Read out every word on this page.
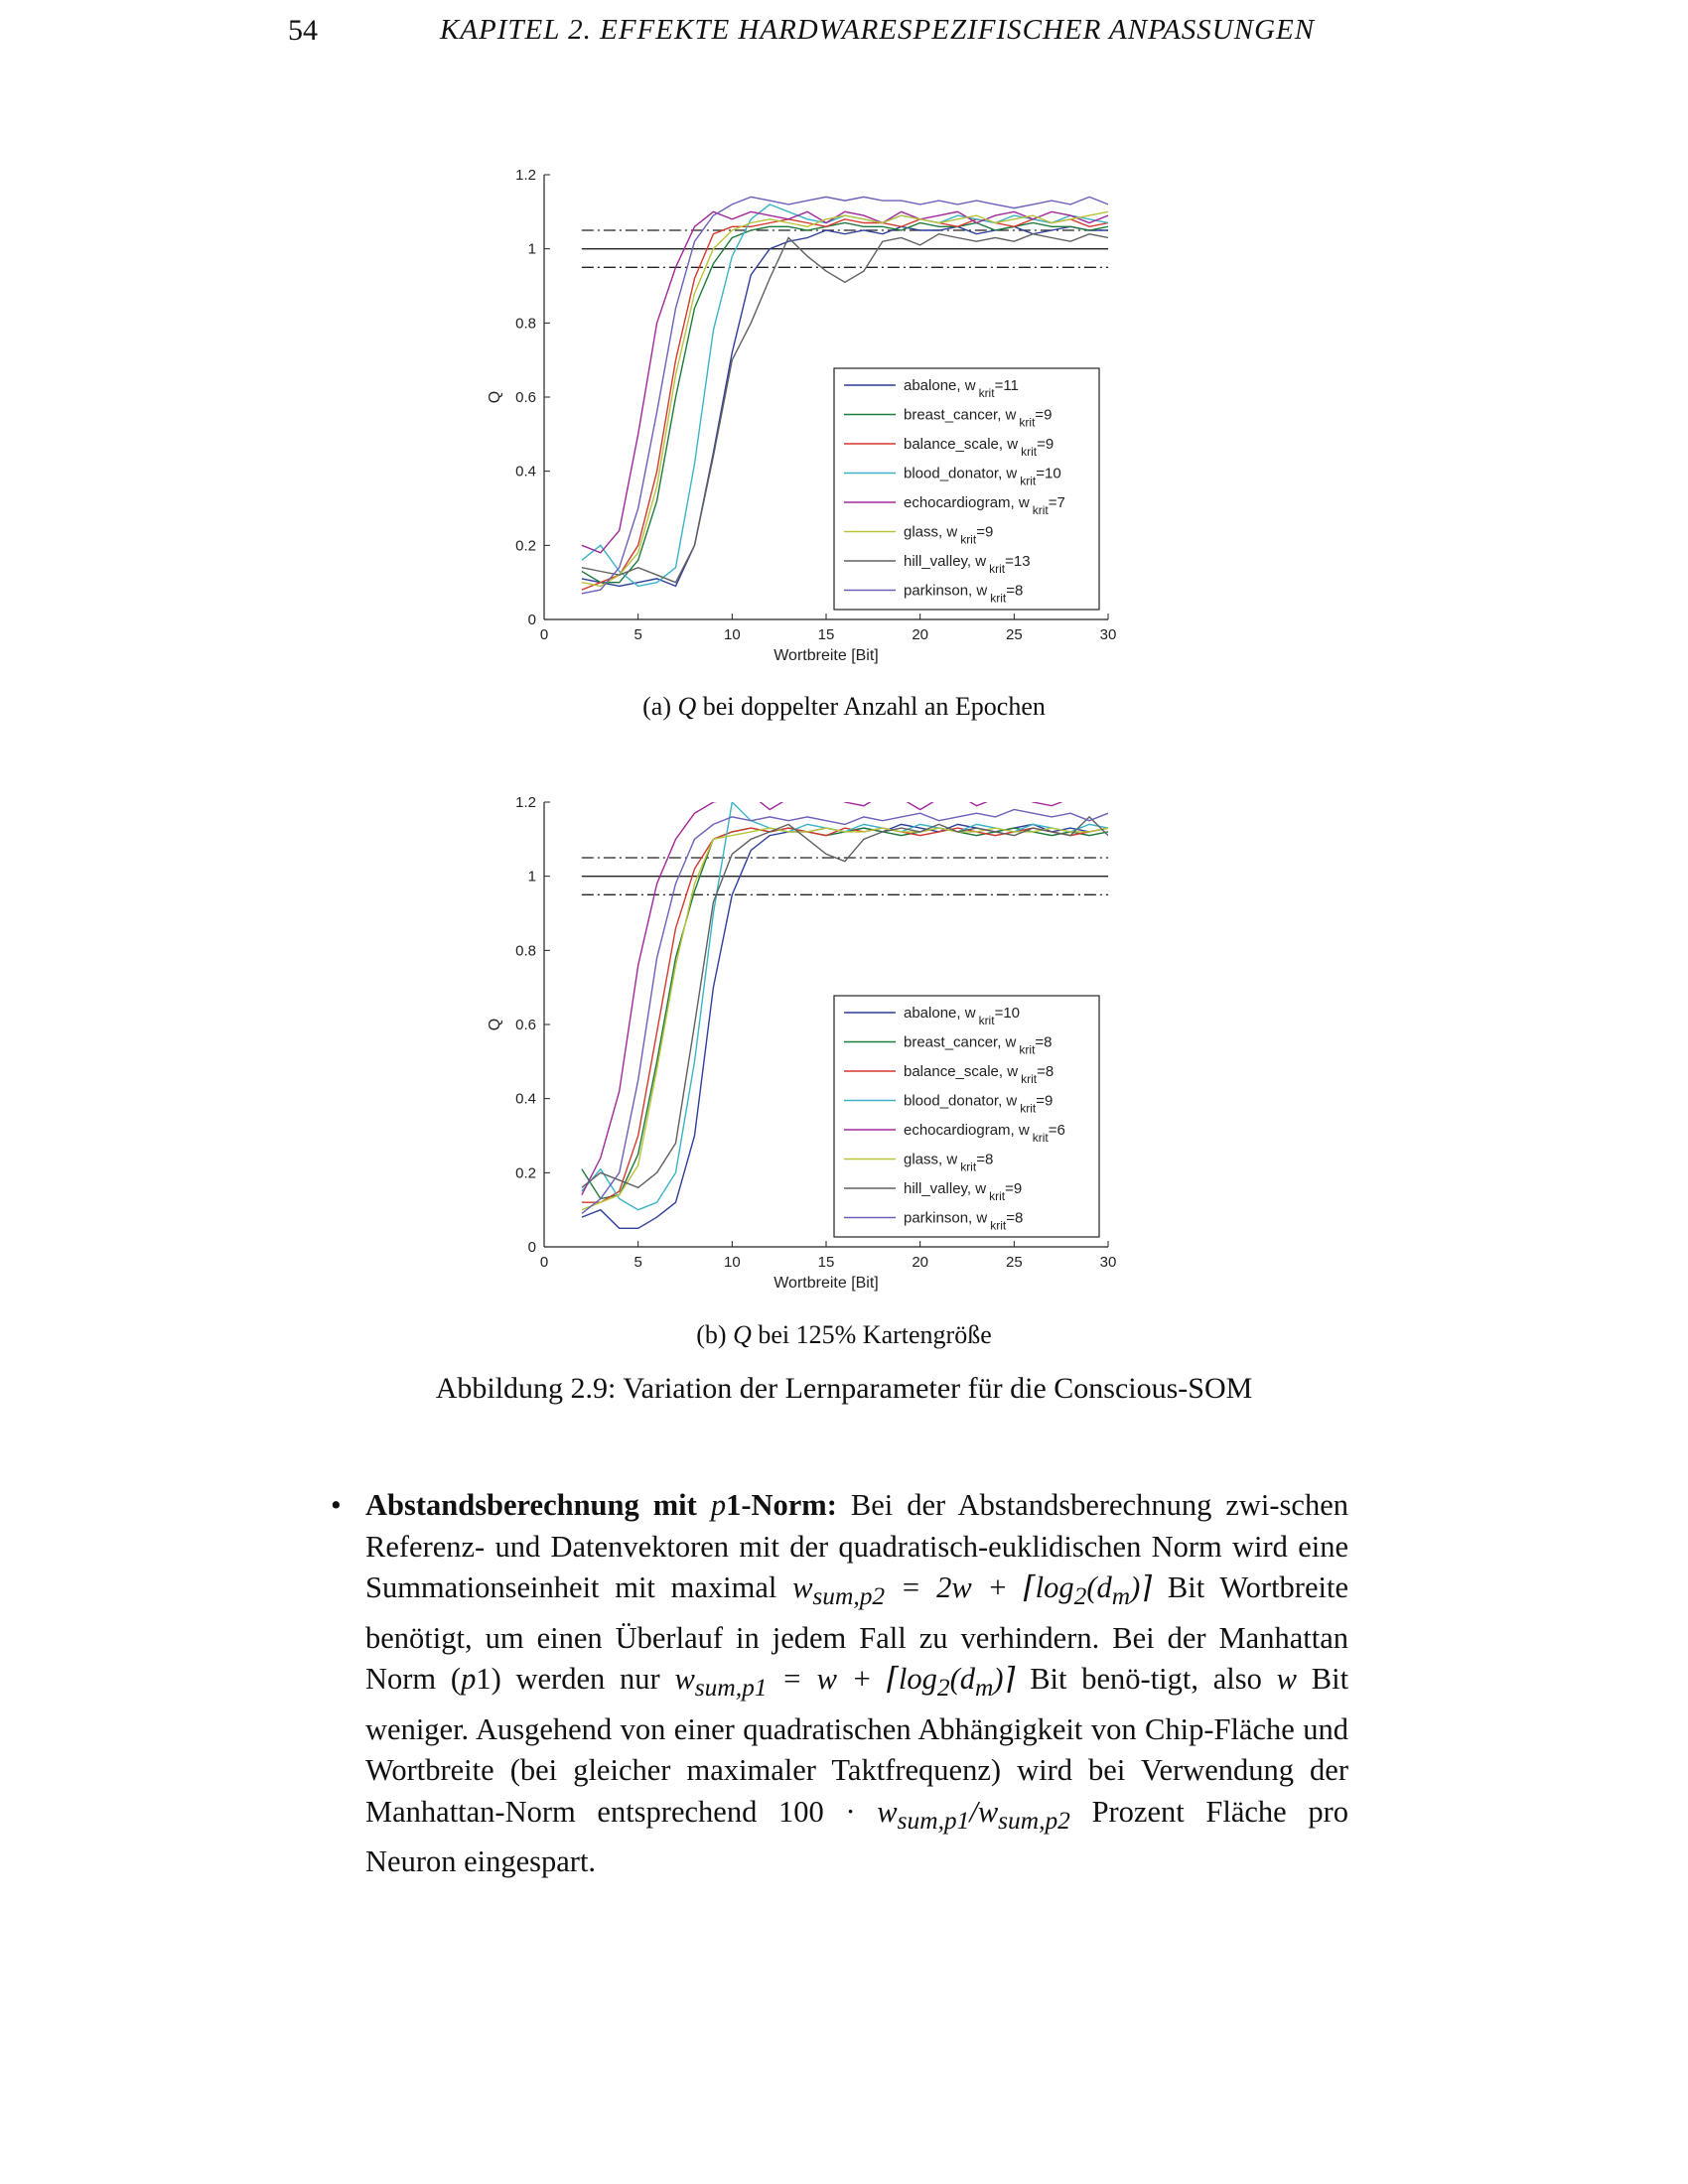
54	KAPITEL 2. EFFEKTE HARDWARESPEZIFISCHER ANPASSUNGEN
0
0.2
0.4
0.6
0.8
1
1.2
0	5	10	15	20	25	30
Wortbreite [Bit]
Q
abalone, w $_{krit}$=11
breast_cancer, w $_{krit}$=9
balance_scale, w $_{krit}$=9
blood_donator, w $_{krit}$=10
echocardiogram, w $_{krit}$=7
glass, w $_{krit}$=9
hill_valley, w $_{krit}$=13
parkinson, w $_{krit}$=8
(a) Q bei doppelter Anzahl an Epochen
0
0.2
0.4
0.6
0.8
1
1.2
0	5	10	15	20	25	30
Wortbreite [Bit]
Q
abalone, w $_{krit}$=10
breast_cancer, w $_{krit}$=8
balance_scale, w $_{krit}$=8
blood_donator, w $_{krit}$=9
echocardiogram, w $_{krit}$=6
glass, w $_{krit}$=8
hill_valley, w $_{krit}$=9
parkinson, w $_{krit}$=8
(b) Q bei 125% Kartengröße
Abbildung 2.9: Variation der Lernparameter für die Conscious-SOM
• Abstandsberechnung mit p1-Norm: Bei der Abstandsberechnung zwi-schen Referenz- und Datenvektoren mit der quadratisch-euklidischen Norm wird eine Summationseinheit mit maximal $w_{sum,p2} = 2w$ + $⌈\log_2(d_m)⌉$ Bit Wortbreite benötigt, um einen Überlauf in jedem Fall zu verhindern. Bei der Manhattan Norm (p1) werden nur $w_{sum,p1} = w$ + $⌈\log_2(d_m)⌉$ Bit benö-tigt, also w Bit weniger. Ausgehend von einer quadratischen Abhängigkeit von Chip-Fläche und Wortbreite (bei gleicher maximaler Taktfrequenz) wird bei Verwendung der Manhattan-Norm entsprechend $100 \cdot w_{sum,p1}/w_{sum,p2}$ Prozent Fläche pro Neuron eingespart.
